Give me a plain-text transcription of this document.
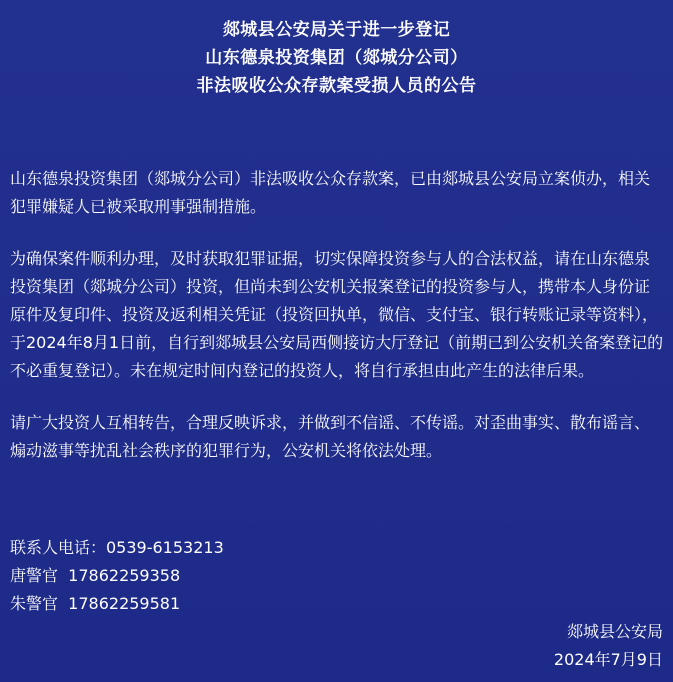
郯城县公安局关于进一步登记
山东德泉投资集团（郯城分公司）
非法吸收公众存款案受损人员的公告

山东德泉投资集团（郯城分公司）非法吸收公众存款案，已由郯城县公安局立案侦办，相关犯罪嫌疑人已被采取刑事强制措施。

为确保案件顺利办理，及时获取犯罪证据，切实保障投资参与人的合法权益，请在山东德泉投资集团（郯城分公司）投资，但尚未到公安机关报案登记的投资参与人，携带本人身份证原件及复印件、投资及返利相关凭证（投资回执单，微信、支付宝、银行转账记录等资料），于2024年8月1日前，自行到郯城县公安局西侧接访大厅登记（前期已到公安机关备案登记的不必重复登记）。未在规定时间内登记的投资人，将自行承担由此产生的法律后果。

请广大投资人互相转告，合理反映诉求，并做到不信谣、不传谣。对歪曲事实、散布谣言、煽动滋事等扰乱社会秩序的犯罪行为，公安机关将依法处理。

联系人电话：0539-6153213
唐警官  17862259358
朱警官  17862259581
郯城县公安局
2024年7月9日
